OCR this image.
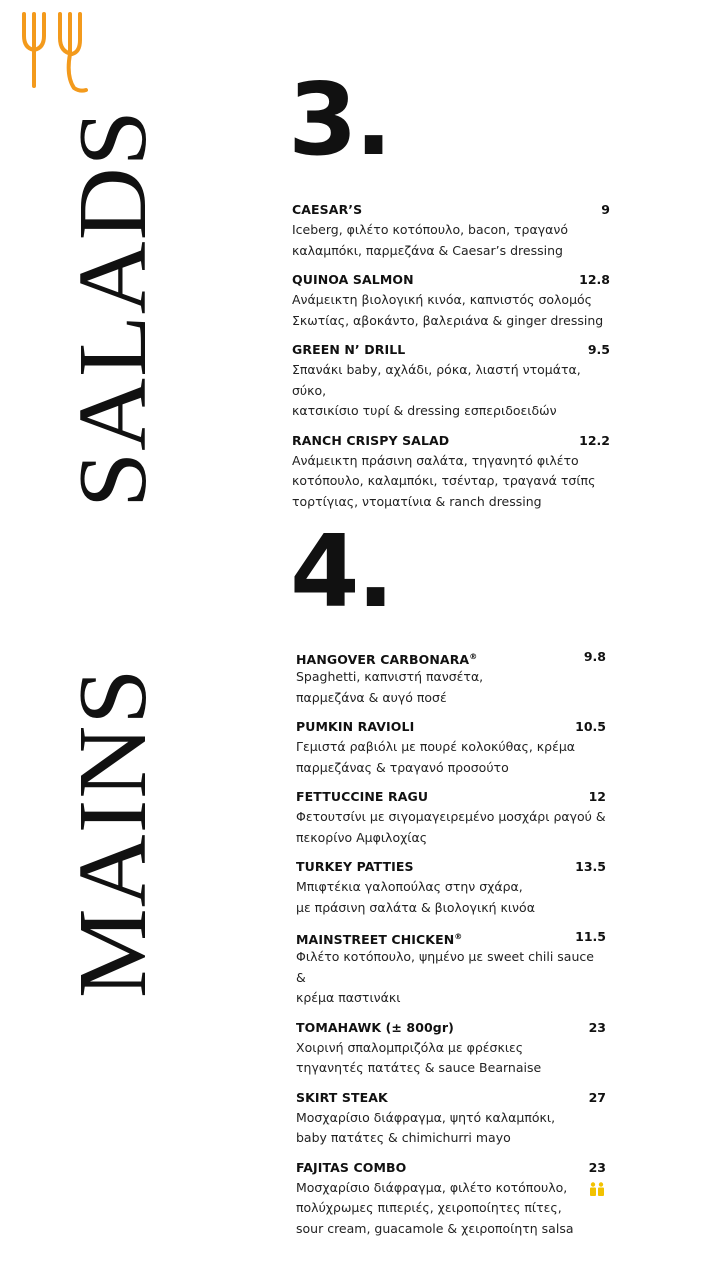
SALADS
MAINS
3.
4.
CAESAR’S	9
Iceberg, φιλέτο κοτόπουλο, bacon, τραγανό
καλαμπόκι, παρμεζάνα & Caesar’s dressing
QUINOA SALMON	12.8
Ανάμεικτη βιολογική κινόα, καπνιστός σολομός
Σκωτίας, αβοκάντο, βαλεριάνα & ginger dressing
GREEN N’ DRILL	9.5
Σπανάκι baby, αχλάδι, ρόκα, λιαστή ντομάτα, σύκο,
κατσικίσιο τυρί & dressing εσπεριδοειδών
RANCH CRISPY SALAD	12.2
Ανάμεικτη πράσινη σαλάτα, τηγανητό φιλέτο
κοτόπουλο, καλαμπόκι, τσένταρ, τραγανά τσίπς
τορτίγιας, ντοματίνια & ranch dressing
HANGOVER CARBONARA®	9.8
Spaghetti, καπνιστή πανσέτα,
παρμεζάνα & αυγό ποσέ
PUMKIN RAVIOLI	10.5
Γεμιστά ραβιόλι με πουρέ κολοκύθας, κρέμα
παρμεζάνας & τραγανό προσούτο
FETTUCCINE RAGU	12
Φετουτσίνι με σιγομαγειρεμένο μοσχάρι ραγού &
πεκορίνο Αμφιλοχίας
TURKEY PATTIES	13.5
Μπιφτέκια γαλοπούλας στην σχάρα,
με πράσινη σαλάτα & βιολογική κινόα
MAINSTREET CHICKEN®	11.5
Φιλέτο κοτόπουλο, ψημένο με sweet chili sauce &
κρέμα παστινάκι
TOMAHAWK (± 800gr)	23
Χοιρινή σπαλομπριζόλα με φρέσκιες
τηγανητές πατάτες & sauce Bearnaise
SKIRT STEAK	27
Μοσχαρίσιο διάφραγμα, ψητό καλαμπόκι,
baby πατάτες & chimichurri mayo
FAJITAS COMBO	23
Μοσχαρίσιο διάφραγμα, φιλέτο κοτόπουλο,
πολύχρωμες πιπεριές, χειροποίητες πίτες,
sour cream, guacamole & χειροποίητη salsa
